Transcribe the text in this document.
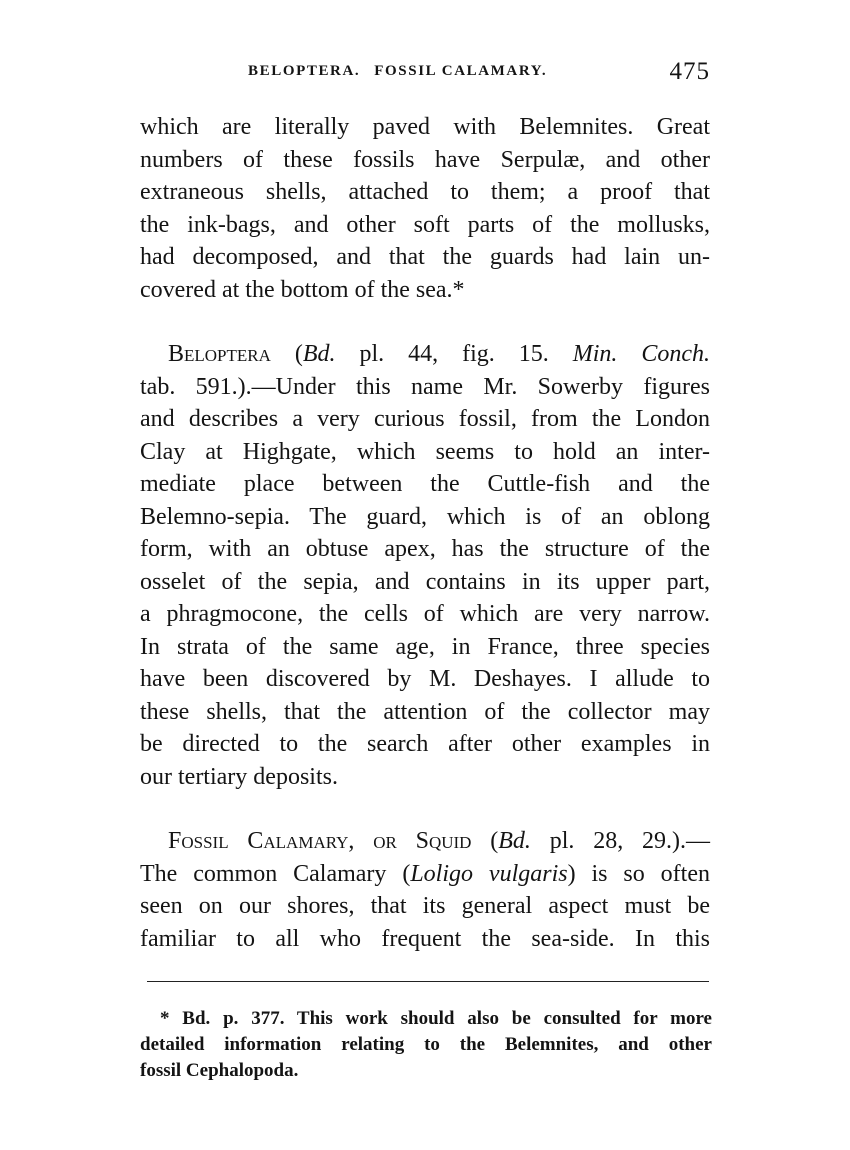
BELOPTERA. FOSSIL CALAMARY.	475
which are literally paved with Belemnites. Great
numbers of these fossils have Serpulæ, and other
extraneous shells, attached to them; a proof that
the ink-bags, and other soft parts of the mollusks,
had decomposed, and that the guards had lain un-
covered at the bottom of the sea.*
Beloptera (Bd. pl. 44, fig. 15. Min. Conch.
tab. 591.).—Under this name Mr. Sowerby figures
and describes a very curious fossil, from the London
Clay at Highgate, which seems to hold an inter-
mediate place between the Cuttle-fish and the
Belemno-sepia. The guard, which is of an oblong
form, with an obtuse apex, has the structure of the
osselet of the sepia, and contains in its upper part,
a phragmocone, the cells of which are very narrow.
In strata of the same age, in France, three species
have been discovered by M. Deshayes. I allude to
these shells, that the attention of the collector may
be directed to the search after other examples in
our tertiary deposits.
Fossil Calamary, or Squid (Bd. pl. 28, 29.).—
The common Calamary (Loligo vulgaris) is so often
seen on our shores, that its general aspect must be
familiar to all who frequent the sea-side. In this
* Bd. p. 377. This work should also be consulted for more
detailed information relating to the Belemnites, and other
fossil Cephalopoda.
